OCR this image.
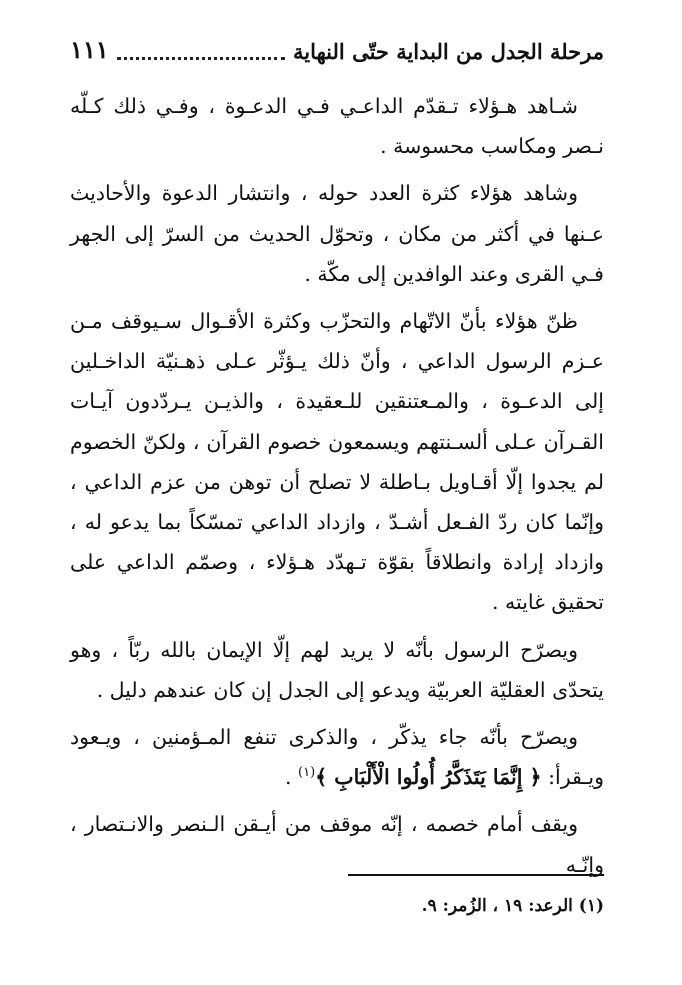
مرحلة الجدل من البداية حتّى النهاية
١١١

شـاهد هـؤلاء تـقدّم الداعـي فـي الدعـوة ، وفـي ذلك كـلّه نـصر ومكاسب محسوسة .

وشاهد هؤلاء كثرة العدد حوله ، وانتشار الدعوة والأحاديث عـنها في أكثر من مكان ، وتحوّل الحديث من السرّ إلى الجهر فـي القرى وعند الوافدين إلى مكّة .

ظنّ هؤلاء بأنّ الاتّهام والتحزّب وكثرة الأقـوال سـيوقف مـن عـزم الرسول الداعي ، وأنّ ذلك يـؤثّر عـلى ذهـنيّة الداخـلين إلى الدعـوة ، والمـعتنقين للـعقيدة ، والذيـن يـردّدون آيـات القـرآن عـلى ألسـنتهم ويسمعون خصوم القرآن ، ولكنّ الخصوم لم يجدوا إلّا أقـاويل بـاطلة لا تصلح أن توهن من عزم الداعي ، وإنّما كان ردّ الفـعل أشـدّ ، وازداد الداعي تمسّكاً بما يدعو له ، وازداد إرادة وانطلاقاً بقوّة تـهدّد هـؤلاء ، وصمّم الداعي على تحقيق غايته .

ويصرّح الرسول بأنّه لا يريد لهم إلّا الإيمان بالله ربّاً ، وهو يتحدّى العقليّة العربيّة ويدعو إلى الجدل إن كان عندهم دليل .

ويصرّح بأنّه جاء يذكّر ، والذكرى تنفع المـؤمنين ، ويـعود ويـقرأ: ﴿ إِنَّمَا يَتَذَكَّرُ أُولُوا الْأَلْبَابِ ﴾$^{(١)}$ .

ويقف أمام خصمه ، إنّه موقف من أيـقن الـنصر والانـتصار ، وإنّـه

(١) الرعد: ١٩ ، الزُمر: ٩.
